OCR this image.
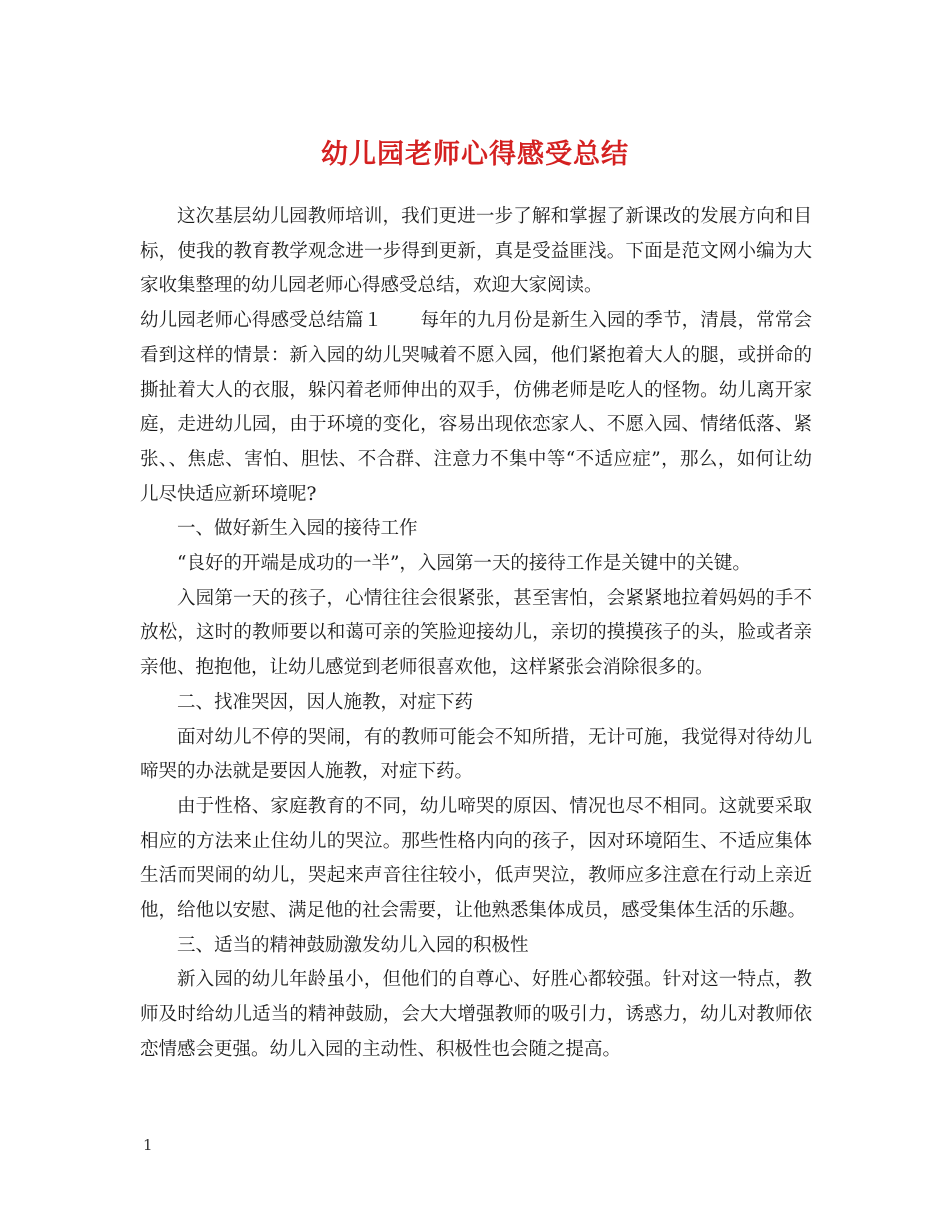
幼儿园老师心得感受总结

这次基层幼儿园教师培训，我们更进一步了解和掌握了新课改的发展方向和目标，使我的教育教学观念进一步得到更新，真是受益匪浅。下面是范文网小编为大家收集整理的幼儿园老师心得感受总结，欢迎大家阅读。

幼儿园老师心得感受总结篇１ 每年的九月份是新生入园的季节，清晨，常常会看到这样的情景：新入园的幼儿哭喊着不愿入园，他们紧抱着大人的腿，或拼命的撕扯着大人的衣服，躲闪着老师伸出的双手，仿佛老师是吃人的怪物。幼儿离开家庭，走进幼儿园，由于环境的变化，容易出现依恋家人、不愿入园、情绪低落、紧张、、焦虑、害怕、胆怯、不合群、注意力不集中等“不适应症”，那么，如何让幼儿尽快适应新环境呢?

一、做好新生入园的接待工作

“良好的开端是成功的一半”，入园第一天的接待工作是关键中的关键。

入园第一天的孩子，心情往往会很紧张，甚至害怕，会紧紧地拉着妈妈的手不放松，这时的教师要以和蔼可亲的笑脸迎接幼儿，亲切的摸摸孩子的头，脸或者亲亲他、抱抱他，让幼儿感觉到老师很喜欢他，这样紧张会消除很多的。

二、找准哭因，因人施教，对症下药

面对幼儿不停的哭闹，有的教师可能会不知所措，无计可施，我觉得对待幼儿啼哭的办法就是要因人施教，对症下药。

由于性格、家庭教育的不同，幼儿啼哭的原因、情况也尽不相同。这就要采取相应的方法来止住幼儿的哭泣。那些性格内向的孩子，因对环境陌生、不适应集体生活而哭闹的幼儿，哭起来声音往往较小，低声哭泣，教师应多注意在行动上亲近他，给他以安慰、满足他的社会需要，让他熟悉集体成员，感受集体生活的乐趣。

三、适当的精神鼓励激发幼儿入园的积极性

新入园的幼儿年龄虽小，但他们的自尊心、好胜心都较强。针对这一特点，教师及时给幼儿适当的精神鼓励，会大大增强教师的吸引力，诱惑力，幼儿对教师依恋情感会更强。幼儿入园的主动性、积极性也会随之提高。

1
